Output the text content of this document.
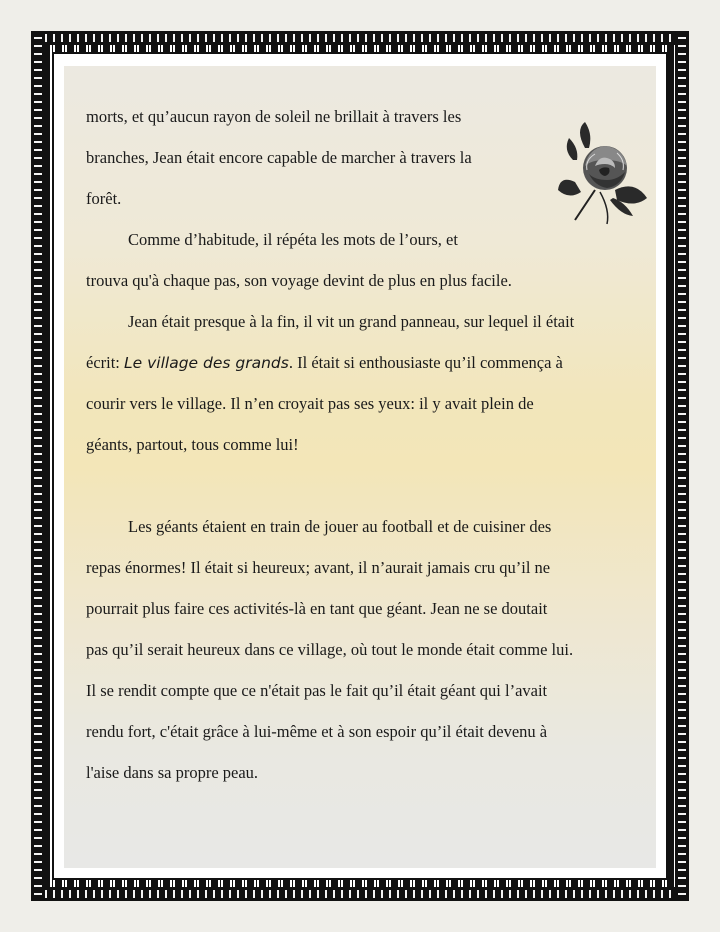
morts, et qu’aucun rayon de soleil ne brillait à travers les
branches, Jean était encore capable de marcher à travers la
forêt.
Comme d’habitude, il répéta les mots de l’ours, et
trouva qu'à chaque pas, son voyage devint de plus en plus facile.
Jean était presque à la fin, il vit un grand panneau, sur lequel il était
écrit: Le village des grands. Il était si enthousiaste qu’il commença à
courir vers le village. Il n’en croyait pas ses yeux: il y avait plein de
géants, partout, tous comme lui!
Les géants étaient en train de jouer au football et de cuisiner des
repas énormes! Il était si heureux; avant, il n’aurait jamais cru qu’il ne
pourrait plus faire ces activités-là en tant que géant. Jean ne se doutait
pas qu’il serait heureux dans ce village, où tout le monde était comme lui.
Il se rendit compte que ce n'était pas le fait qu’il était géant qui l’avait
rendu fort, c'était grâce à lui-même et à son espoir qu’il était devenu à
l'aise dans sa propre peau.
